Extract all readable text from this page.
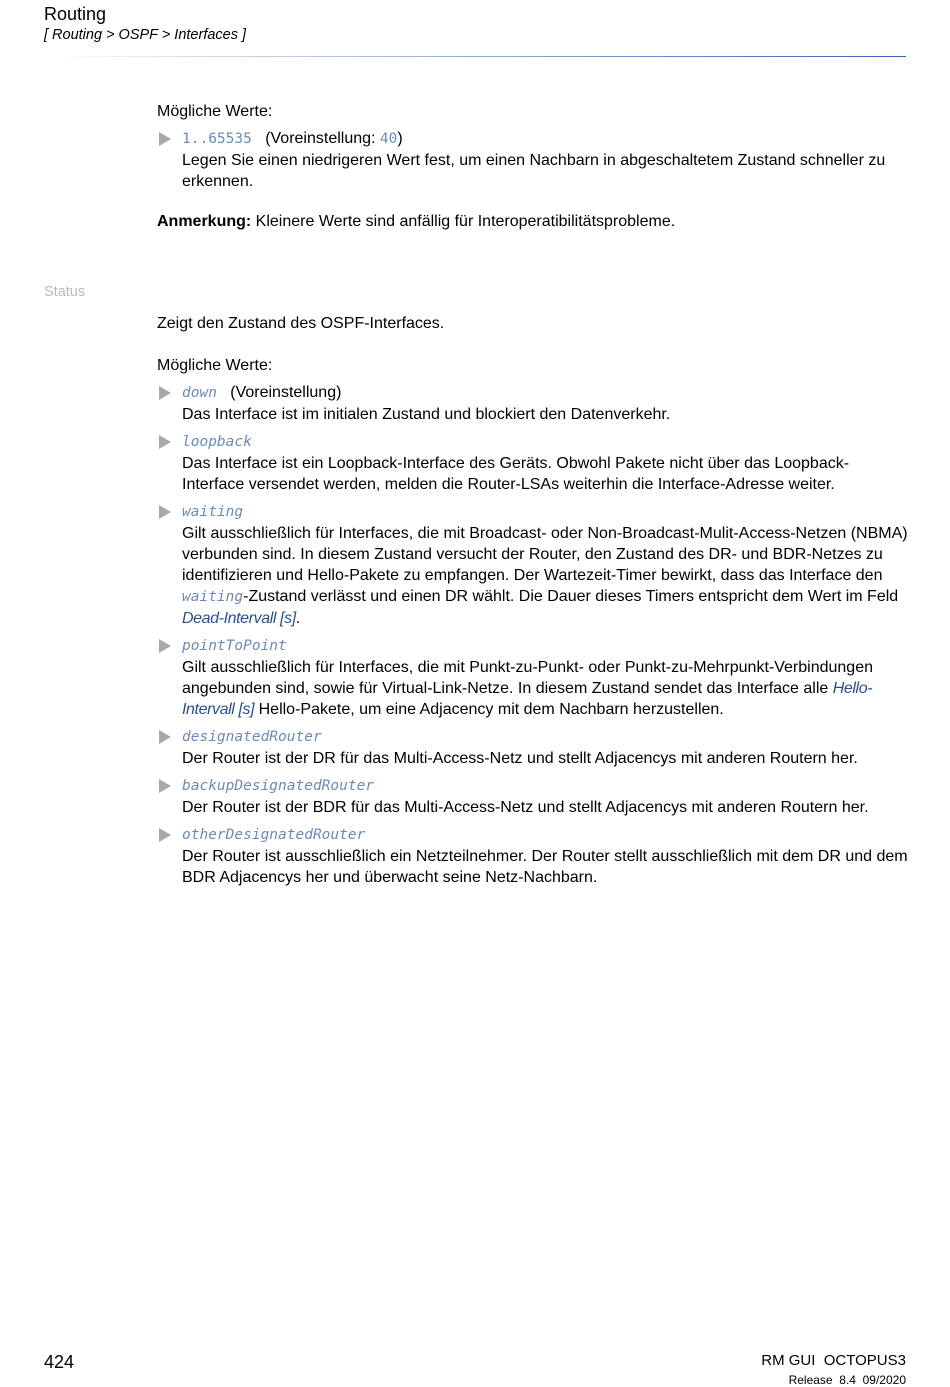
Routing
[ Routing > OSPF > Interfaces ]

Mögliche Werte:

1..65535 (Voreinstellung: 40)
Legen Sie einen niedrigeren Wert fest, um einen Nachbarn in abgeschaltetem Zustand schneller zu erkennen.

Anmerkung: Kleinere Werte sind anfällig für Interoperatibilitätsprobleme.

Status

Zeigt den Zustand des OSPF-Interfaces.

Mögliche Werte:

down   (Voreinstellung)
Das Interface ist im initialen Zustand und blockiert den Datenverkehr.
loopback
Das Interface ist ein Loopback-Interface des Geräts. Obwohl Pakete nicht über das Loopback-Interface versendet werden, melden die Router-LSAs weiterhin die Interface-Adresse weiter.
waiting
Gilt ausschließlich für Interfaces, die mit Broadcast- oder Non-Broadcast-Mulit-Access-Netzen (NBMA) verbunden sind. In diesem Zustand versucht der Router, den Zustand des DR- und BDR-Netzes zu identifizieren und Hello-Pakete zu empfangen. Der Wartezeit-Timer bewirkt, dass das Interface den waiting-Zustand verlässt und einen DR wählt. Die Dauer dieses Timers entspricht dem Wert im Feld Dead-Intervall [s].
pointToPoint
Gilt ausschließlich für Interfaces, die mit Punkt-zu-Punkt- oder Punkt-zu-Mehrpunkt-Verbindungen angebunden sind, sowie für Virtual-Link-Netze. In diesem Zustand sendet das Interface alle Hello-Intervall [s] Hello-Pakete, um eine Adjacency mit dem Nachbarn herzustellen.
designatedRouter
Der Router ist der DR für das Multi-Access-Netz und stellt Adjacencys mit anderen Routern her.
backupDesignatedRouter
Der Router ist der BDR für das Multi-Access-Netz und stellt Adjacencys mit anderen Routern her.
otherDesignatedRouter
Der Router ist ausschließlich ein Netzteilnehmer. Der Router stellt ausschließlich mit dem DR und dem BDR Adjacencys her und überwacht seine Netz-Nachbarn.
424	RM GUI  OCTOPUS3
Release  8.4  09/2020
